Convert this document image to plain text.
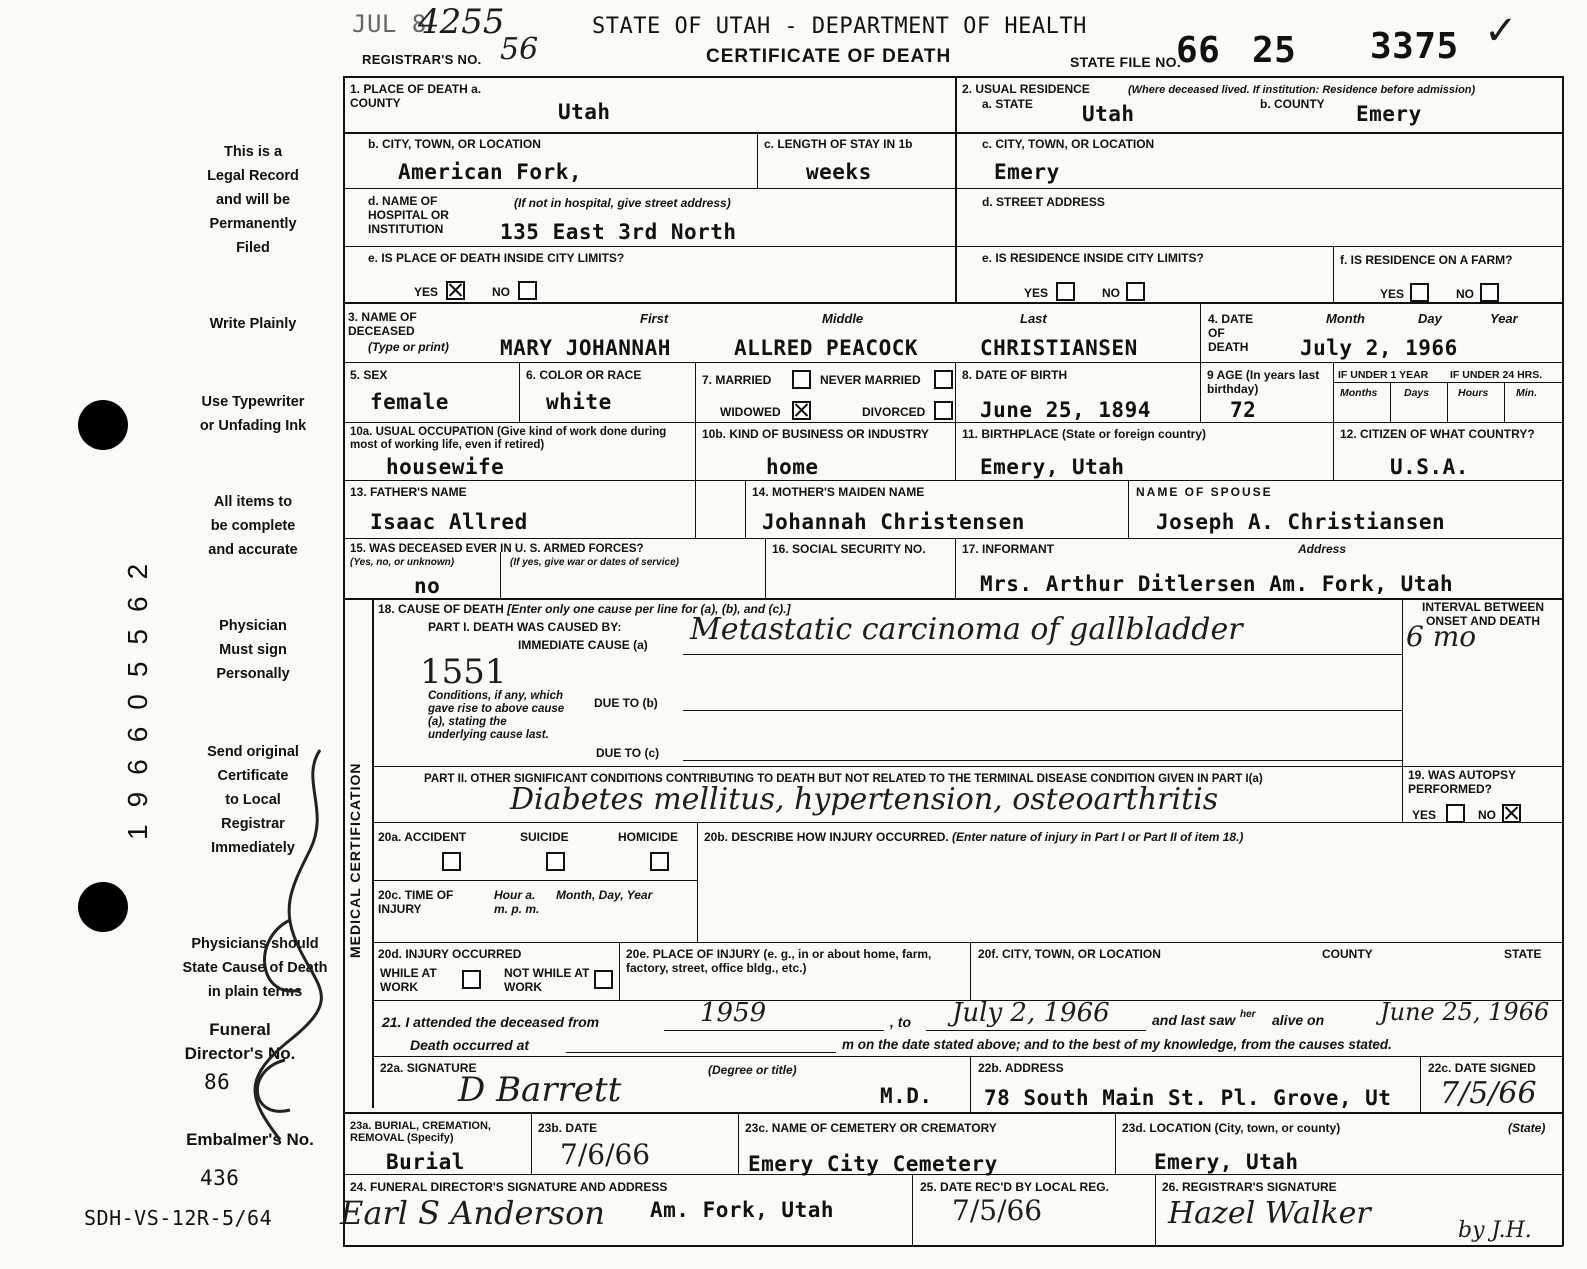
JUL 8
4255
REGISTRAR'S NO. 56
STATE OF UTAH - DEPARTMENT OF HEALTH
CERTIFICATE OF DEATH	STATE FILE NO.
66 25 3375 ✓
This is a
Legal Record
and will be
Permanently
Filed
Write Plainly
Use Typewriter
or Unfading Ink
All items to
be complete
and accurate
Physician
Must sign
Personally
Send original
Certificate
to Local
Registrar
Immediately
Physicians should
State Cause of Death
in plain terms
Funeral
Director's No.
86
Embalmer's No.
436
SDH-VS-12R-5/64
196605562
1. PLACE OF DEATH a. COUNTY	Utah
b. CITY, TOWN, OR LOCATION
American Fork,
c. LENGTH OF STAY IN 1b
weeks
d. NAME OF HOSPITAL OR INSTITUTION
(If not in hospital, give street address)
135 East 3rd North
e. IS PLACE OF DEATH INSIDE CITY LIMITS?
YES	NO
2. USUAL RESIDENCE	(Where deceased lived. If institution: Residence before admission)
a. STATE Utah	b. COUNTY Emery
c. CITY, TOWN, OR LOCATION
Emery
d. STREET ADDRESS
e. IS RESIDENCE INSIDE CITY LIMITS?
YES	NO
f. IS RESIDENCE ON A FARM?
YES	NO
3. NAME OF DECEASED
(Type or print)
First	Middle	Last
MARY JOHANNAH	ALLRED PEACOCK	CHRISTIANSEN
4. DATE OF DEATH
Month	Day	Year
July 2, 1966
5. SEX
female
6. COLOR OR RACE
white
7. MARRIED	NEVER MARRIED
WIDOWED	DIVORCED
8. DATE OF BIRTH
June 25, 1894
9 AGE (In years last birthday)
72
IF UNDER 1 YEAR IF UNDER 24 HRS.
Months	Days	Hours	Min.
10a. USUAL OCCUPATION (Give kind of work done during most of working life, even if retired)
housewife
10b. KIND OF BUSINESS OR INDUSTRY
home
11. BIRTHPLACE (State or foreign country)
Emery, Utah
12. CITIZEN OF WHAT COUNTRY?
U.S.A.
13. FATHER'S NAME
Isaac Allred
14. MOTHER'S MAIDEN NAME
Johannah Christensen
NAME OF SPOUSE
Joseph A. Christiansen
15. WAS DECEASED EVER IN U. S. ARMED FORCES?
(Yes, no, or unknown)	(If yes, give war or dates of service)
no
16. SOCIAL SECURITY NO.	17. INFORMANT	Address
Mrs. Arthur Ditlersen Am. Fork, Utah
MEDICAL CERTIFICATION
18. CAUSE OF DEATH [Enter only one cause per line for (a), (b), and (c).]
PART I. DEATH WAS CAUSED BY:
IMMEDIATE CAUSE (a) Metastatic carcinoma of gallbladder
INTERVAL BETWEEN ONSET AND DEATH
6 mo
1551
Conditions, if any, which gave rise to above cause (a), stating the underlying cause last.
DUE TO (b)
DUE TO (c)
PART II. OTHER SIGNIFICANT CONDITIONS CONTRIBUTING TO DEATH BUT NOT RELATED TO THE TERMINAL DISEASE CONDITION GIVEN IN PART I(a)
Diabetes mellitus, hypertension, osteoarthritis
19. WAS AUTOPSY PERFORMED?
YES	NO
20a. ACCIDENT	SUICIDE	HOMICIDE 20b. DESCRIBE HOW INJURY OCCURRED. (Enter nature of injury in Part I or Part II of item 18.)
20c. TIME OF INJURY
Hour a. m. p. m.
Month, Day, Year
20d. INJURY OCCURRED
WHILE AT WORK
NOT WHILE AT WORK
20e. PLACE OF INJURY (e. g., in or about home, farm, factory, street, office bldg., etc.)
20f. CITY, TOWN, OR LOCATION	COUNTY	STATE
21. I attended the deceased from	1959	, to July 2, 1966	and last saw her alive on June 25, 1966
Death occurred at	m on the date stated above; and to the best of my knowledge, from the causes stated.
22a. SIGNATURE	(Degree or title)
D Barrett	M.D.
22b. ADDRESS
78 South Main St. Pl. Grove, Ut
22c. DATE SIGNED
7/5/66
23a. BURIAL, CREMATION, REMOVAL (Specify)
Burial
23b. DATE
7/6/66
23c. NAME OF CEMETERY OR CREMATORY
Emery City Cemetery
23d. LOCATION (City, town, or county)	(State)
Emery, Utah
24. FUNERAL DIRECTOR'S SIGNATURE AND ADDRESS
Earl S Anderson Am. Fork, Utah
25. DATE REC'D BY LOCAL REG.
7/5/66
26. REGISTRAR'S SIGNATURE
Hazel Walker	by J.H.
